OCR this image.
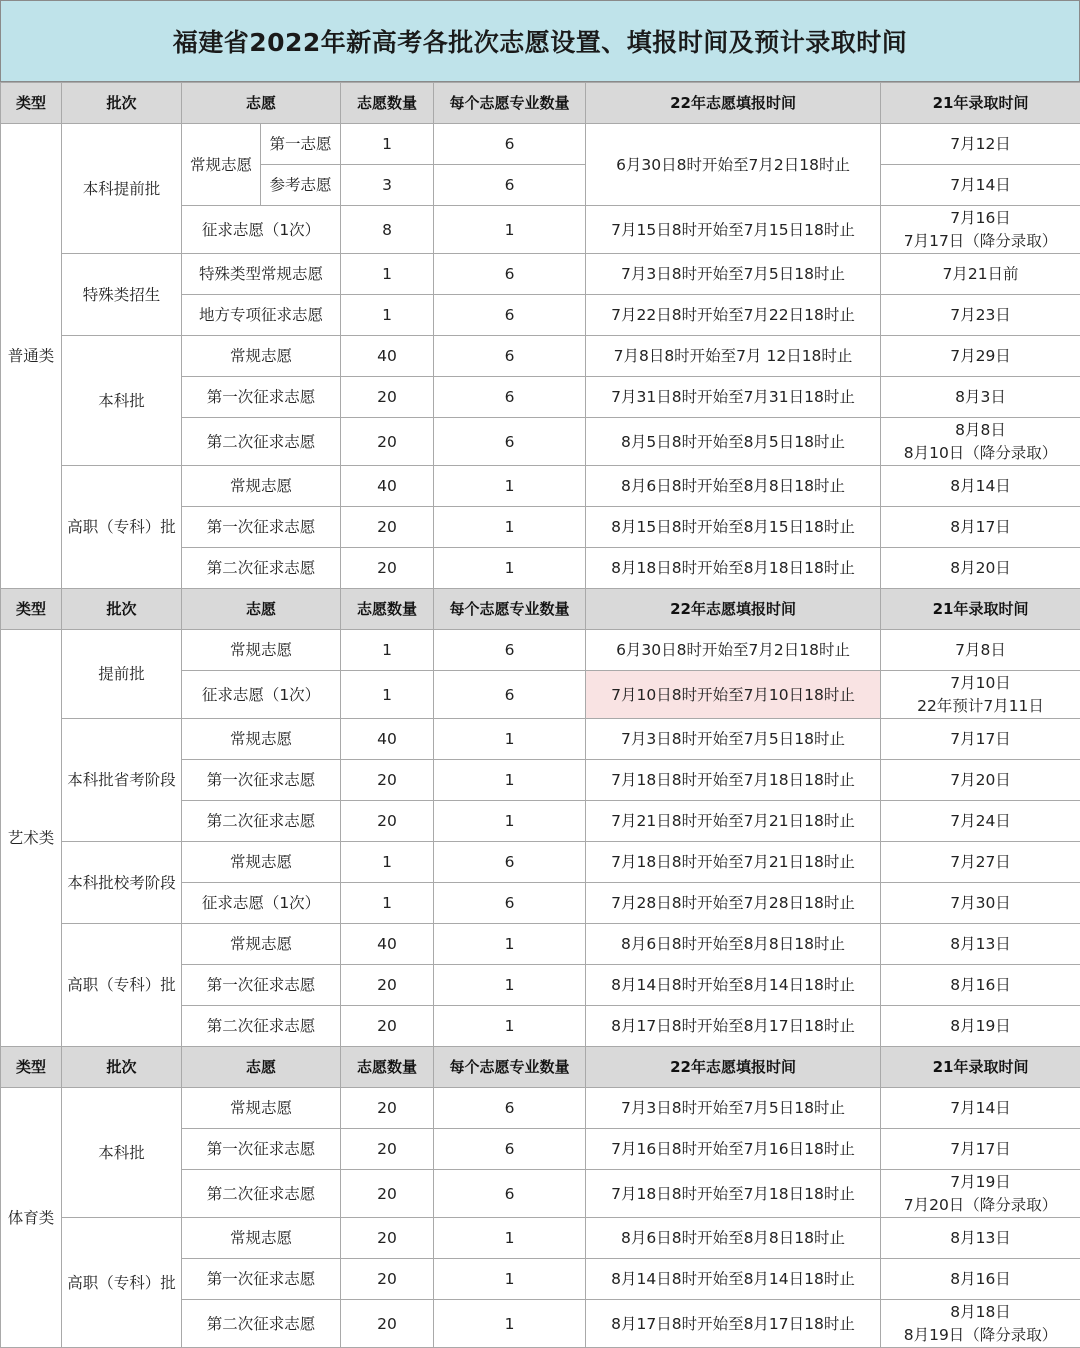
福建省2022年新高考各批次志愿设置、填报时间及预计录取时间
类型	批次	志愿		志愿数量	每个志愿专业数量	22年志愿填报时间	21年录取时间
普通类	本科提前批	常规志愿	第一志愿	1	6	6月30日8时开始至7月2日18时止	7月12日
			参考志愿	3	6		7月14日
		征求志愿（1次）		8	1	7月15日8时开始至7月15日18时止	7月16日
7月17日（降分录取）
	特殊类招生	特殊类型常规志愿		1	6	7月3日8时开始至7月5日18时止	7月21日前
		地方专项征求志愿		1	6	7月22日8时开始至7月22日18时止	7月23日
	本科批	常规志愿		40	6	7月8日8时开始至7月 12日18时止	7月29日
		第一次征求志愿		20	6	7月31日8时开始至7月31日18时止	8月3日
		第二次征求志愿		20	6	8月5日8时开始至8月5日18时止	8月8日
8月10日（降分录取）
	高职（专科）批	常规志愿		40	1	8月6日8时开始至8月8日18时止	8月14日
		第一次征求志愿		20	1	8月15日8时开始至8月15日18时止	8月17日
		第二次征求志愿		20	1	8月18日8时开始至8月18日18时止	8月20日
类型	批次	志愿		志愿数量	每个志愿专业数量	22年志愿填报时间	21年录取时间
艺术类	提前批	常规志愿		1	6	6月30日8时开始至7月2日18时止	7月8日
		征求志愿（1次）		1	6	7月10日8时开始至7月10日18时止	7月10日
22年预计7月11日
	本科批省考阶段	常规志愿		40	1	7月3日8时开始至7月5日18时止	7月17日
		第一次征求志愿		20	1	7月18日8时开始至7月18日18时止	7月20日
		第二次征求志愿		20	1	7月21日8时开始至7月21日18时止	7月24日
	本科批校考阶段	常规志愿		1	6	7月18日8时开始至7月21日18时止	7月27日
		征求志愿（1次）		1	6	7月28日8时开始至7月28日18时止	7月30日
	高职（专科）批	常规志愿		40	1	8月6日8时开始至8月8日18时止	8月13日
		第一次征求志愿		20	1	8月14日8时开始至8月14日18时止	8月16日
		第二次征求志愿		20	1	8月17日8时开始至8月17日18时止	8月19日
类型	批次	志愿		志愿数量	每个志愿专业数量	22年志愿填报时间	21年录取时间
体育类	本科批	常规志愿		20	6	7月3日8时开始至7月5日18时止	7月14日
		第一次征求志愿		20	6	7月16日8时开始至7月16日18时止	7月17日
		第二次征求志愿		20	6	7月18日8时开始至7月18日18时止	7月19日
7月20日（降分录取）
	高职（专科）批	常规志愿		20	1	8月6日8时开始至8月8日18时止	8月13日
		第一次征求志愿		20	1	8月14日8时开始至8月14日18时止	8月16日
		第二次征求志愿		20	1	8月17日8时开始至8月17日18时止	8月18日
8月19日（降分录取）
